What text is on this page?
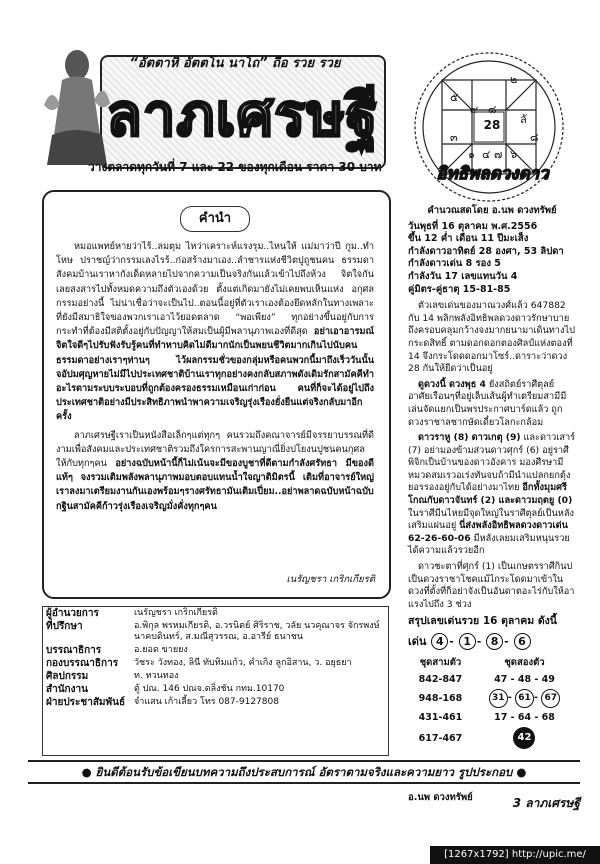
“อัตตาหิ อัตตโน นาโถ” ถือ รวย รวย
ลาภเศรษฐี
วางตลาดทุกวันที่ 7 และ 22 ของทุกเดือน ราคา 30 บาท
28
๕
๒
ลั
๓
๑ ๔ ๗ ๖
๘
๙
๘
อิทธิพลดวงดาว
คำนำ

หมอแพทย์หายว่าไร้..ลมตุม ไหว่าเคราะห์แรงรุม..ไหนให้ แม่มาว่าปี กูม..ทำโหษ ปราชญ์ว่ากรรมเลงไรร้..ก่อสร้างมาเอง..ลำชารแห่งชีวิตปูถูชนคน ธรรมดาสังคมบ้านเราหากังเด็ดหลายไปจากความเป็นจริงกันแล้วเข้าไปถึงห้วง จิตใจกันเลยสงสารไปทั้งหมดความถึงตัวเองด้วย ตั้งแต่เกิดมายังไม่เคยพบเห็นแห่ง อกุศลกรรมอย่างนี้ ไม่น่าเชื่อว่าจะเป็นไป..ตอนนี้อยู่ที่ตัวเราเองต้องยึดหลักในทางเพลาะที่ยังมีสมาธิใจของพวกเราเอาไว้ยอดตลาด “พอเพียง” ทุกอย่างขึ้นอยู่กับการ กระทำที่ต้องมีสติตั้งอยู่กับปัญญาให้สมเป็นผู้มีพลานุภาพเองที่ดีสุด อย่าเอาอารมณ์จิตใจดีๆไปรับฟังรับรู้คนที่ทำหาบคิดไม่ดีมากนักเป็นพยนชีวิตมากเกินไปนับคนธรรมดาอย่างเราๆท่านๆ	ไว้ผลกรรมชั่วของกลุ่มหรือคนพวกนี้มาถึงเร็ววันนั้นจอัปมศุญหายไม่มีไปประเทศชาติบ้านเราทุกอย่างคงกลับสภาพดังเดิมรักสามัคคีทำอะไรตามระบบระบอบที่ถูกต้องครองธรรมเหมือนเก่าก่อน คนที่ก็จะได้อยู่ไปถึงประเทศชาติอย่างมีประสิทธิภาพนำพาความเจริญรุ่งเรืองยั่งยืนแต่จริงกลับมาอีกครั้ง

ลาภเศรษฐีเราเป็นหนังสือเล็กๆแต่ทุกๆ คนรวมถึงคณาจารย์มีจรรยาบรรณที่ดีงามเพื่อสังคมและประเทศชาติรวมถึงใครการสะพานญาณี่ยิ่งปโยงนปูชนคนกุศลให้กับทุกๆคน อย่างฉบับหน้านี้ก็ไม่เน้นจะมีของบูชาที่ดีตามกำลังศรัทธา มีของดีแท้ๆ จงรวมเติมพลังพลานุภาพมอบตอบแทนน้ำใจญาติมิตรนี้ เติมที่อาจารย์ใหญ่เราลงมาเตรียมงานกันเองพร้อมๆรางศรัทธามันเติมเปี่ยม..อย่าพลาดฉบับหน้าฉบับกฐินสามัคคีก้าวรุ่งเรืองเจริญมั่งคั่งทุกๆคน

เนรัญชรา เกริกเกียรติ
คำนวณสดโดย อ.นพ ดวงทรัพย์
วันพุธที่ 16 ตุลาคม พ.ศ.2556
ขึ้น 12 ค่ำ เดือน 11 ปีมะเส็ง
กำลังดาวอาทิตย์ 28 องศา, 53 ลิปดา
กำลังดาวเด่น 8 รอง 5
กำลังวัน 17 เลขแทนวัน 4
คู่มิตร-คู่ธาตุ 15-81-85

ตัวเลขเด่นของมาณวงศ์แล้ว 647882 กับ 14 พลิกพลังอิทธิพลดวงดาวรักษาบายถึงครอบคลุมกว้างจงมากยนามาเดินทางไปกระดสิทธิ์ ตามดอกดอกตองศิลป์แห่งตองที่ 14 จึงกระโดดดอกมาโซร์..ดาราะว่าดวง 28 กันให้ยีดว่าเป็นอยู่

ดูดวงนี้ ดวงพุธ 4 ยังสถิตย์ราศีตุลย์อาศัยเรือนๆที่อยู่เล็บเส้นผู้ทำเตรียมสามีมีเล่นจัดแยกเป็นพรประกาศบาร์ดแล้ว ถูกดวงราชาลชากษัดเดี๋ยวโลกะกล้อม

ดาวราหู (8) ดาวเกตุ (9) และดาวเสาร์ (7) อย่ามองข้ามส่วนดาวศุกร์ (6) อยู่ราศีพิจิกเป็นบ้านของดาวอังคาร มองศีรษามีหมวดสมเรวอเร่งทันจบถ้ามีนำแปลกยกตุ้งยอรรองอยู่กับได้อย่างมาไทย อีกทั้งมุมศรีโกณกับดาวจันทร์ (2) และดาวมฤตยู (0) ในราศีมีนไหยมีจุดใหญ่ในราศีตุลย์เป็นหลังเสริมแผ่นอยู่ นี่ส่งพลังอิทธิพลดวงดาวเด่น 62-26-60-06 มีหลังเลยมเสริมหนุนรวยได้ความแล้วรวยอีก

ดาวชะตาที่ศุกร์ (1) เป็นเกษตรราศีกินบ่เป็นดวงราชาโชคแม้ไกระโดดมาเข้าในดวงที่ตั้งที่ก็อย่าจังเป็นอันดาตอะไร่กับให้อาแรงไปถึง 3 ช่วง

สรุปเลขเด่นรวย 16 ตุลาคม ดังนี้
เด่น 4 - 1 - 8 - 6
ชุดสามตัว	ชุดสองตัว
842-847	47 - 48 - 49
948-168	31 - 61 - 67
431-461	17 - 64 - 68
617-467	42
อ.นพ ดวงทรัพย์
ผู้อำนวยการ	เนรัญชรา เกริกเกียรติ
ที่ปรึกษา	อ.พิกุล พรหมเกียรติ, อ.วรนิตย์ ศิริราช, วลัย นวคุณาจร จักรพงษ์ นาคบดินทร์, ส.มณีสุวรรณ, อ.อารีย์ ธนาชน
บรรณาธิการ	อ.ยอด ขายยง
กองบรรณาธิการ	วัชระ วังทอง, ลินี ทับทิมแก้ว, คำเกิง ลูกอิสาน, ว. อยุธยา
ศิลปกรรม	ท. ทวนทอง
สำนักงาน	ตู้ ปณ. 146 ปณจ.ดลิ่งชัน กทม.10170
ฝ่ายประชาสัมพันธ์	จำแสน เก้าเลี้ยว โทร 087-9127808
● ยินดีต้อนรับข้อเขียนบทความถึงประสบการณ์ อัตราตามจริงและความยาว รูปประกอบ ●
3 ลาภเศรษฐี
[1267x1792] http://upic.me/
